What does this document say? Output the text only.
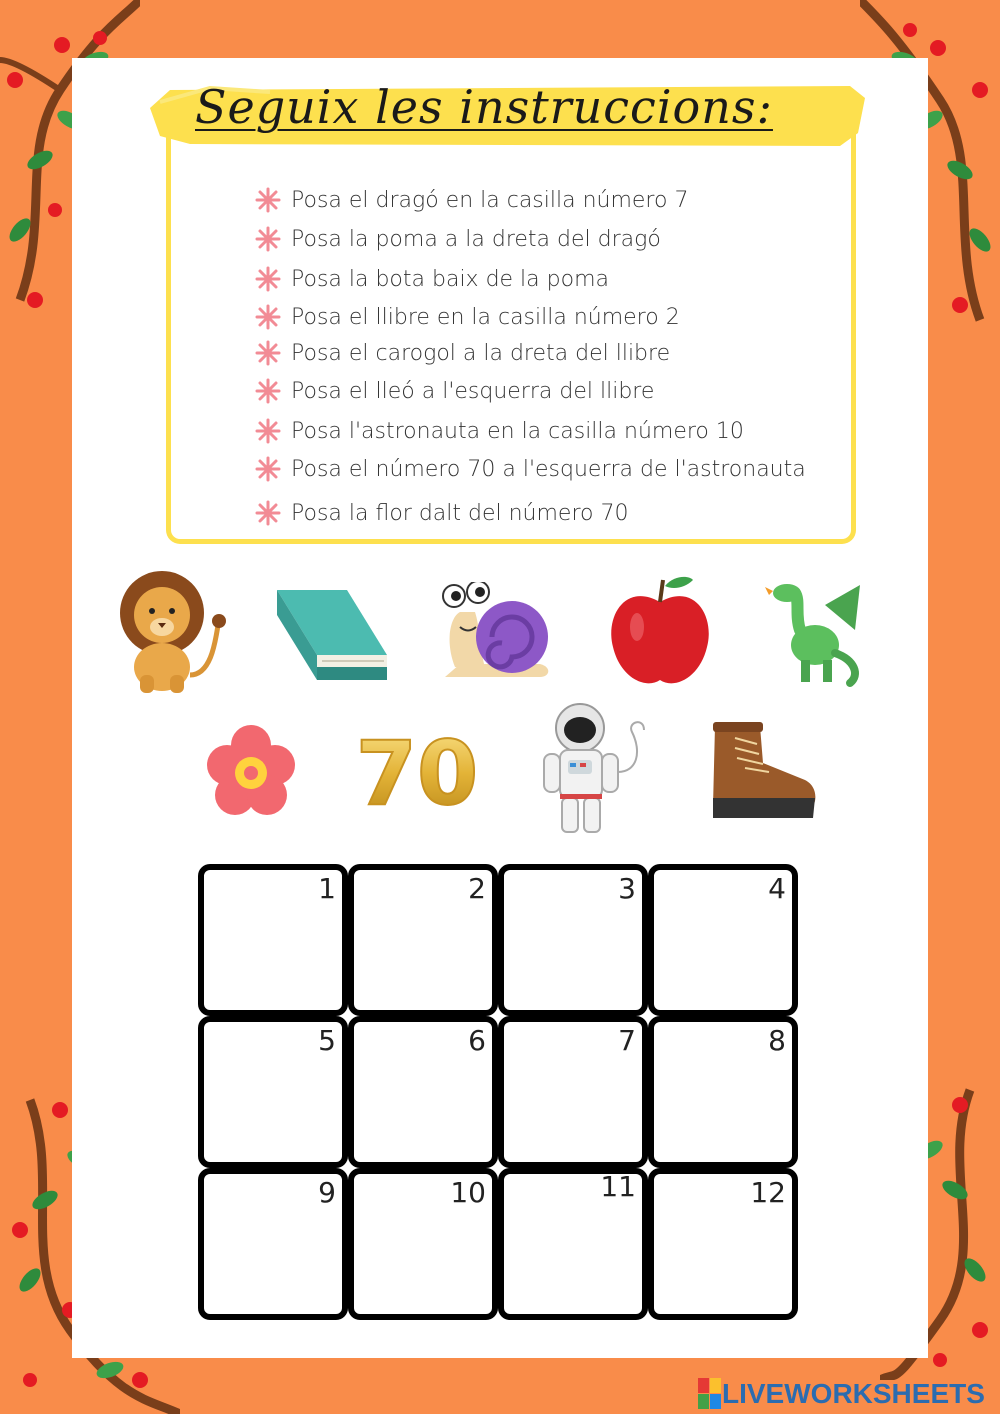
Seguix les instruccions:
Posa el dragó en la casilla número 7
Posa la poma a la dreta del dragó
Posa la bota baix de la poma
Posa el llibre en la casilla número 2
Posa el carogol a la dreta del llibre
Posa el lleó a l'esquerra del llibre
Posa l'astronauta en la casilla número 10
Posa el número 70 a l'esquerra de l'astronauta
Posa la flor dalt del número 70
70
1	2	3	4
5	6	7	8
9	10	11	12
LIVEWORKSHEETS
